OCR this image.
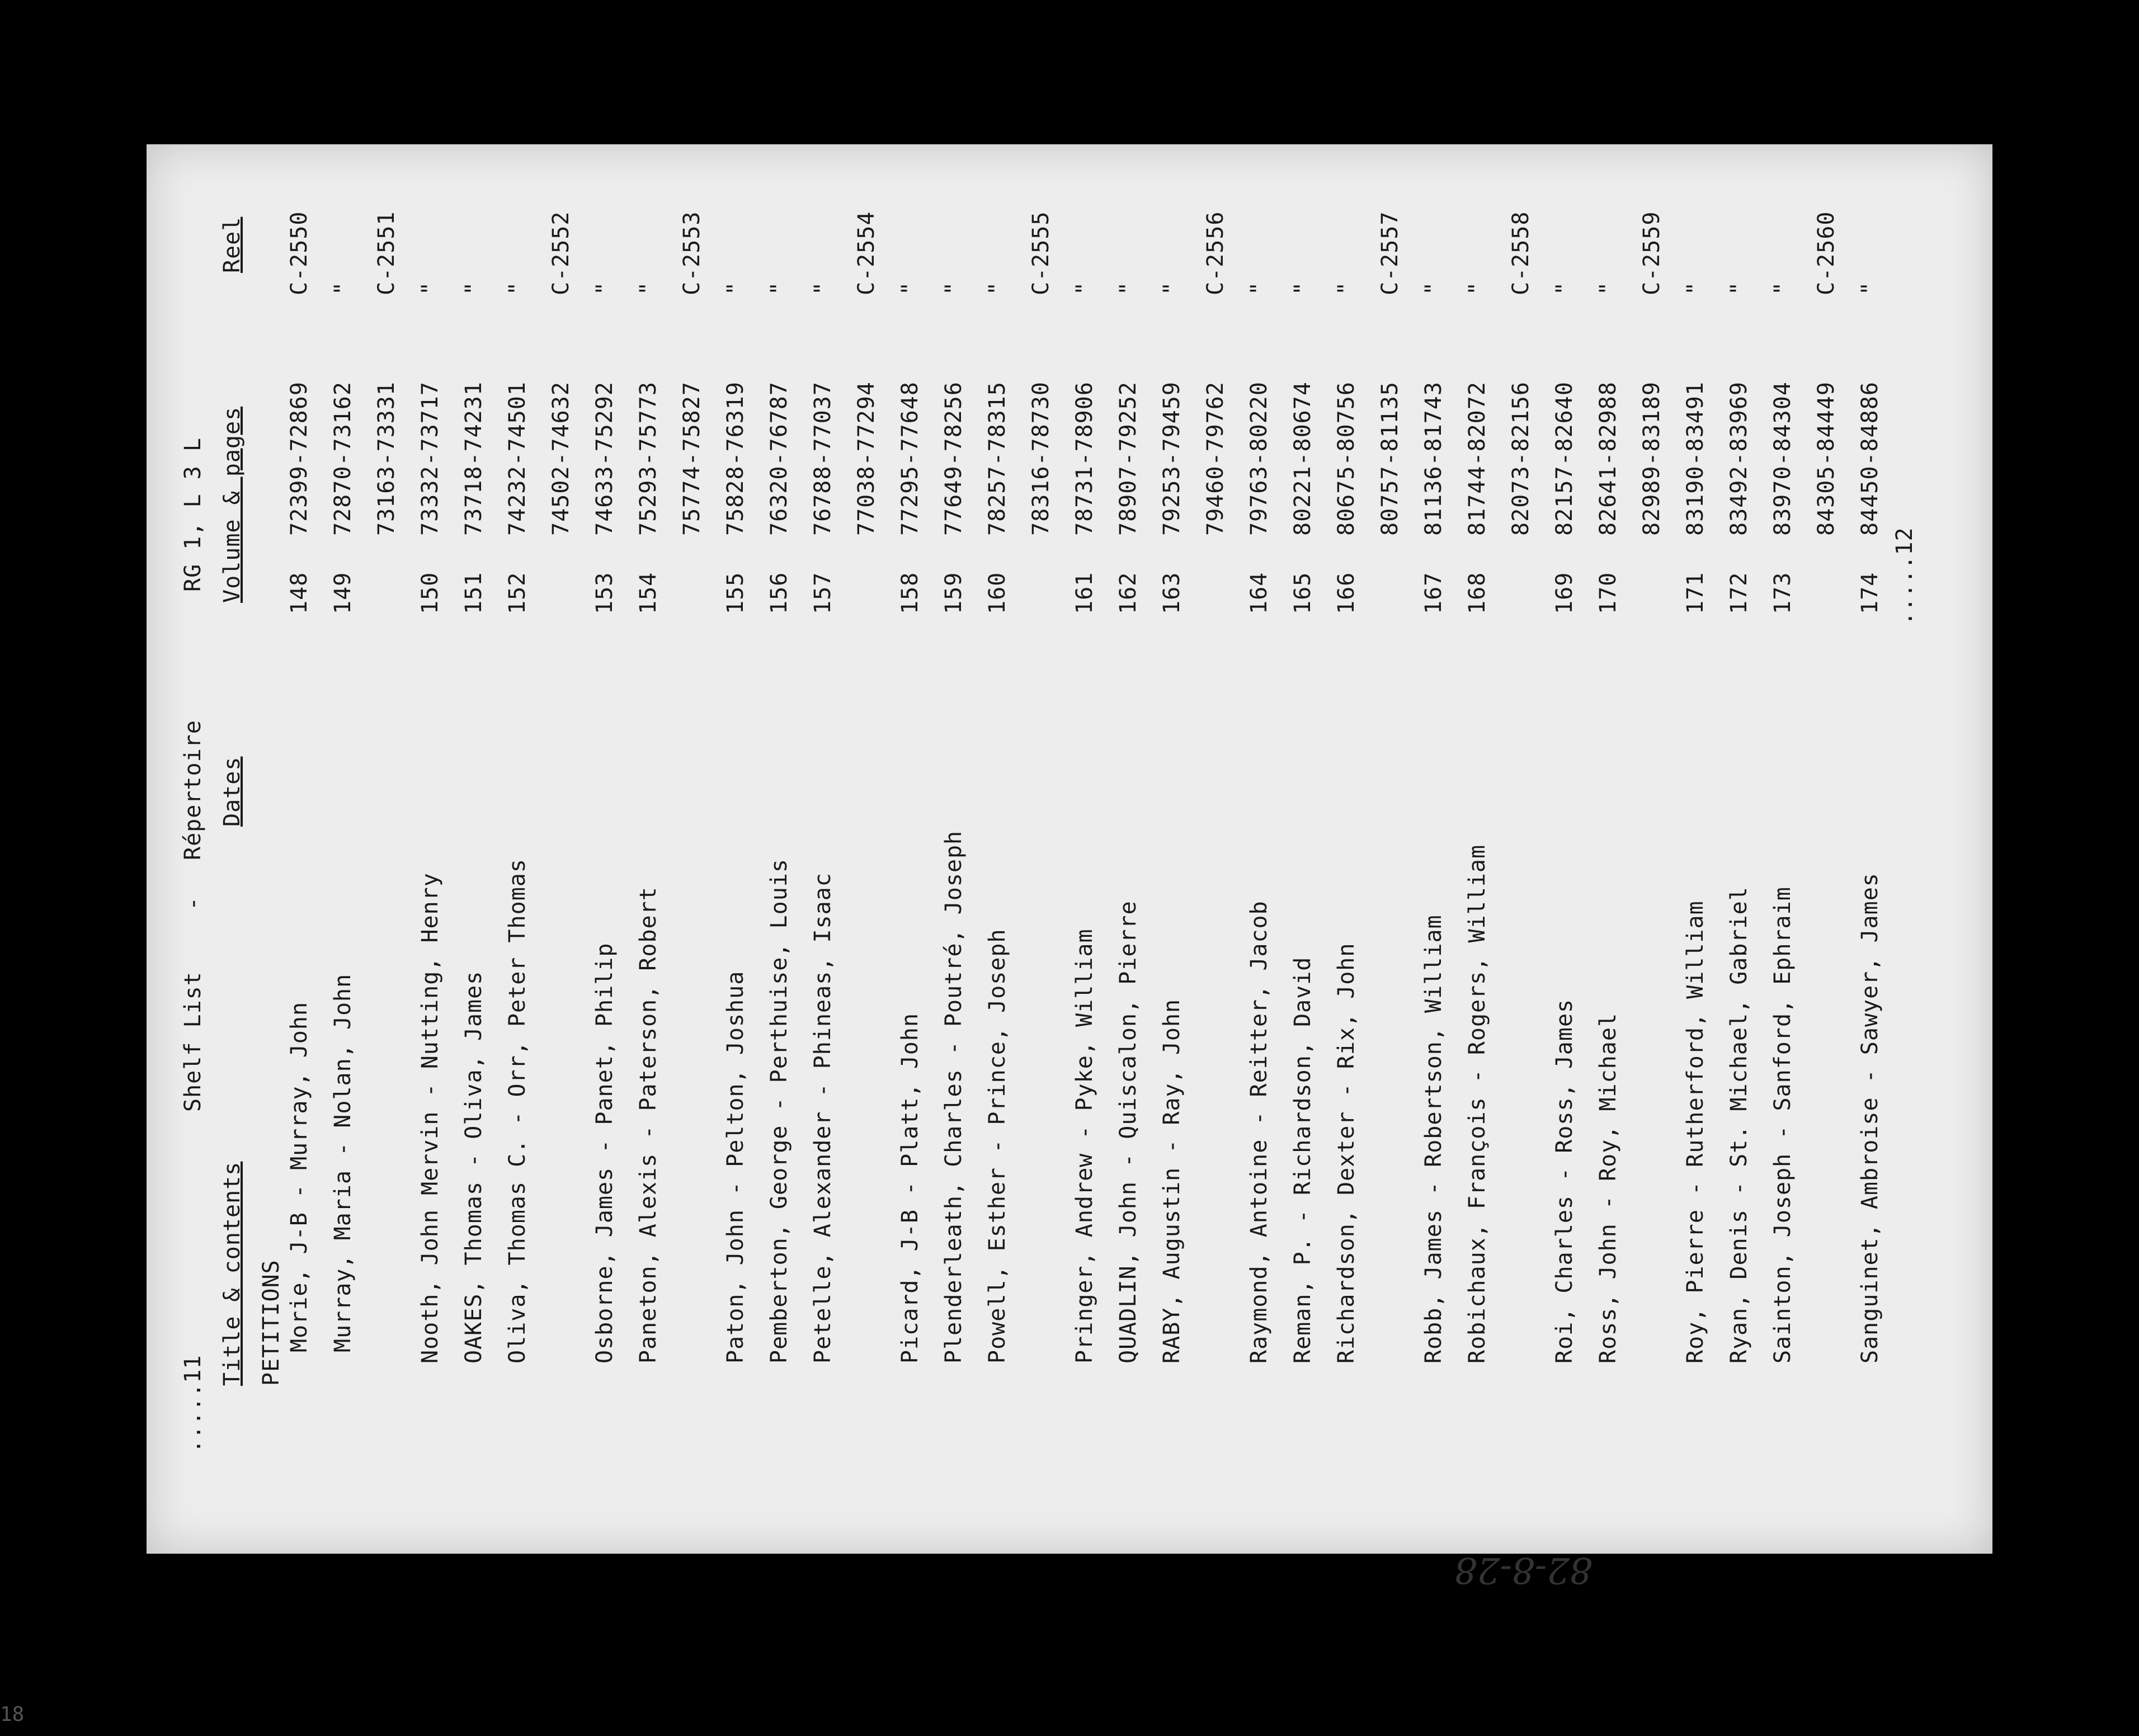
.....11
Shelf List
-
Répertoire
RG 1, L 3 L
Title & contents
Dates
Volume & pages
Reel
PETITIONS Morie, J-B - Murray, John
148
72399-72869
C-2550
Murray, Maria - Nolan, John
149
72870-73162
"
73163-73331
C-2551
Nooth, John Mervin - Nutting, Henry
150
73332-73717
"
OAKES, Thomas - Oliva, James
151
73718-74231
"
Oliva, Thomas C. - Orr, Peter Thomas
152
74232-74501
"
74502-74632
C-2552
Osborne, James - Panet, Philip
153
74633-75292
"
Paneton, Alexis - Paterson, Robert
154
75293-75773
"
75774-75827
C-2553
Paton, John - Pelton, Joshua
155
75828-76319
"
Pemberton, George - Perthuise, Louis
156
76320-76787
"
Petelle, Alexander - Phineas, Isaac
157
76788-77037
"
77038-77294
C-2554
Picard, J-B - Platt, John
158
77295-77648
"
Plenderleath, Charles - Poutré, Joseph
159
77649-78256
"
Powell, Esther - Prince, Joseph
160
78257-78315
"
78316-78730
C-2555
Pringer, Andrew - Pyke, William
161
78731-78906
"
QUADLIN, John - Quiscalon, Pierre
162
78907-79252
"
RABY, Augustin - Ray, John
163
79253-79459
"
79460-79762
C-2556
Raymond, Antoine - Reitter, Jacob
164
79763-80220
"
Reman, P. - Richardson, David
165
80221-80674
"
Richardson, Dexter - Rix, John
166
80675-80756
"
80757-81135
C-2557
Robb, James - Robertson, William
167
81136-81743
"
Robichaux, François - Rogers, William
168
81744-82072
"
82073-82156
C-2558
Roi, Charles - Ross, James
169
82157-82640
"
Ross, John - Roy, Michael
170
82641-82988
"
82989-83189
C-2559
Roy, Pierre - Rutherford, William
171
83190-83491
"
Ryan, Denis - St. Michael, Gabriel
172
83492-83969
"
Sainton, Joseph - Sanford, Ephraim
173
83970-84304
"
84305-84449
C-2560
Sanguinet, Ambroise - Sawyer, James
174
84450-84886
"
.....12
82-8-28
18
